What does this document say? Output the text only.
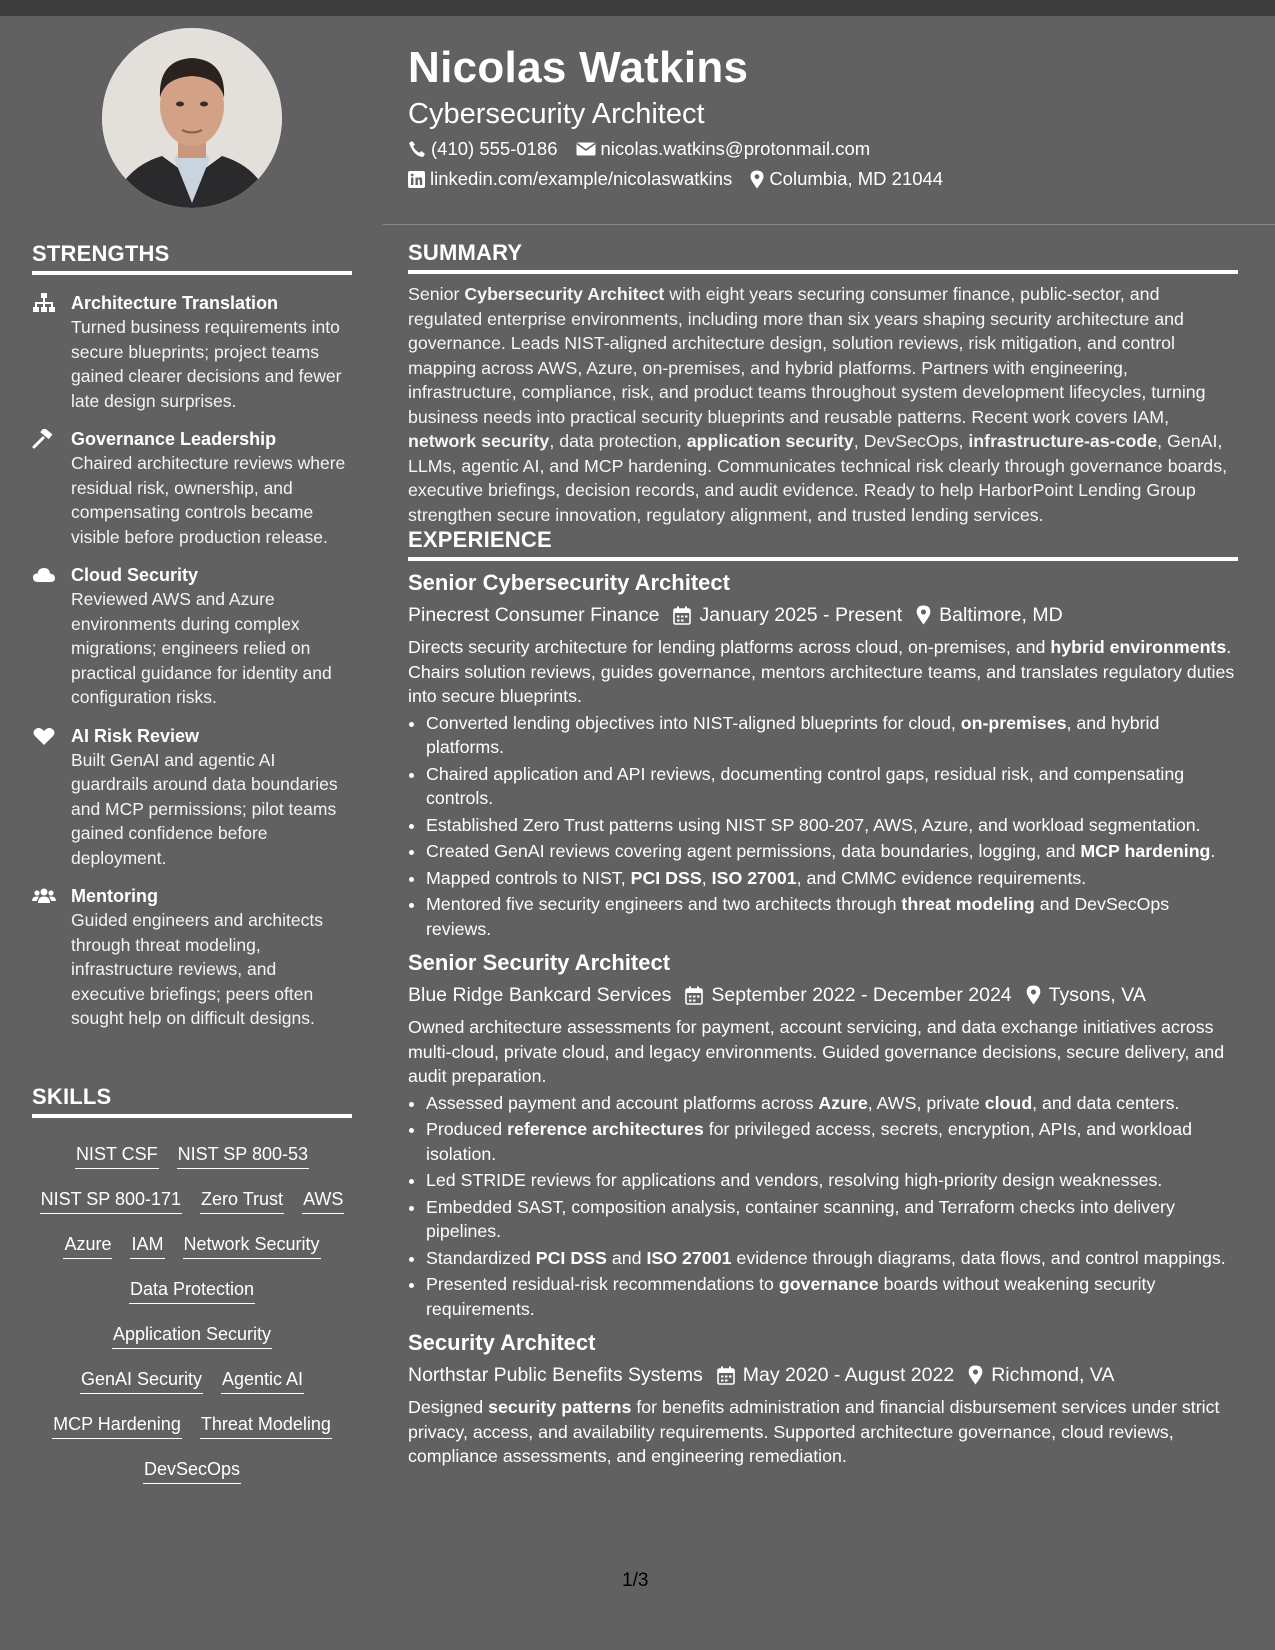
STRENGTHS
Architecture Translation
Turned business requirements into secure blueprints; project teams gained clearer decisions and fewer late design surprises.
Governance Leadership
Chaired architecture reviews where residual risk, ownership, and compensating controls became visible before production release.
Cloud Security
Reviewed AWS and Azure environments during complex migrations; engineers relied on practical guidance for identity and configuration risks.
AI Risk Review
Built GenAI and agentic AI guardrails around data boundaries and MCP permissions; pilot teams gained confidence before deployment.
Mentoring
Guided engineers and architects through threat modeling, infrastructure reviews, and executive briefings; peers often sought help on difficult designs.
SKILLS
NIST CSF NIST SP 800-53
NIST SP 800-171 Zero Trust AWS
Azure IAM Network Security
Data Protection
Application Security
GenAI Security Agentic AI
MCP Hardening Threat Modeling
DevSecOps
Nicolas Watkins
Cybersecurity Architect
(410) 555-0186 nicolas.watkins@protonmail.com
linkedin.com/example/nicolaswatkins Columbia, MD 21044
SUMMARY

Senior Cybersecurity Architect with eight years securing consumer finance, public-sector, and regulated enterprise environments, including more than six years shaping security architecture and governance. Leads NIST-aligned architecture design, solution reviews, risk mitigation, and control mapping across AWS, Azure, on-premises, and hybrid platforms. Partners with engineering, infrastructure, compliance, risk, and product teams throughout system development lifecycles, turning business needs into practical security blueprints and reusable patterns. Recent work covers IAM, network security, data protection, application security, DevSecOps, infrastructure-as-code, GenAI, LLMs, agentic AI, and MCP hardening. Communicates technical risk clearly through governance boards, executive briefings, decision records, and audit evidence. Ready to help HarborPoint Lending Group strengthen secure innovation, regulatory alignment, and trusted lending services.

EXPERIENCE
Senior Cybersecurity Architect
Pinecrest Consumer Finance January 2025 - Present Baltimore, MD

Directs security architecture for lending platforms across cloud, on-premises, and hybrid environments. Chairs solution reviews, guides governance, mentors architecture teams, and translates regulatory duties into secure blueprints.

• Converted lending objectives into NIST-aligned blueprints for cloud, on-premises, and hybrid platforms.
• Chaired application and API reviews, documenting control gaps, residual risk, and compensating controls.
• Established Zero Trust patterns using NIST SP 800-207, AWS, Azure, and workload segmentation.
• Created GenAI reviews covering agent permissions, data boundaries, logging, and MCP hardening.
• Mapped controls to NIST, PCI DSS, ISO 27001, and CMMC evidence requirements.
• Mentored five security engineers and two architects through threat modeling and DevSecOps reviews.
Senior Security Architect
Blue Ridge Bankcard Services September 2022 - December 2024 Tysons, VA

Owned architecture assessments for payment, account servicing, and data exchange initiatives across multi-cloud, private cloud, and legacy environments. Guided governance decisions, secure delivery, and audit preparation.

• Assessed payment and account platforms across Azure, AWS, private cloud, and data centers.
• Produced reference architectures for privileged access, secrets, encryption, APIs, and workload isolation.
• Led STRIDE reviews for applications and vendors, resolving high-priority design weaknesses.
• Embedded SAST, composition analysis, container scanning, and Terraform checks into delivery pipelines.
• Standardized PCI DSS and ISO 27001 evidence through diagrams, data flows, and control mappings.
• Presented residual-risk recommendations to governance boards without weakening security requirements.
Security Architect
Northstar Public Benefits Systems May 2020 - August 2022 Richmond, VA

Designed security patterns for benefits administration and financial disbursement services under strict privacy, access, and availability requirements. Supported architecture governance, cloud reviews, compliance assessments, and engineering remediation.

1/3
